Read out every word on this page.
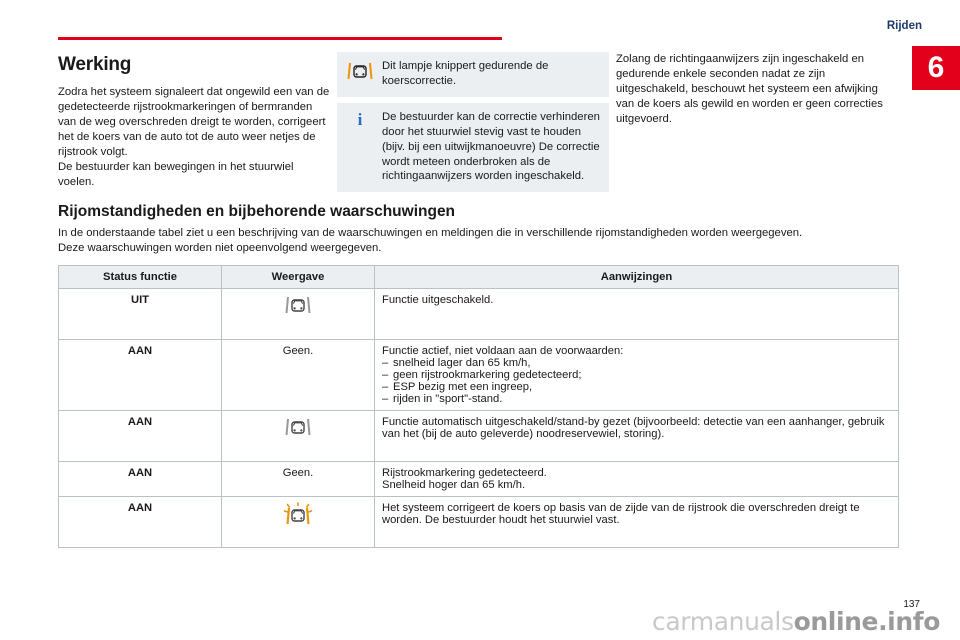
Rijden
6
Werking

Zodra het systeem signaleert dat ongewild een van de gedetecteerde rijstrookmarkeringen of bermranden van de weg overschreden dreigt te worden, corrigeert het de koers van de auto tot de auto weer netjes de rijstrook volgt.

De bestuurder kan bewegingen in het stuurwiel voelen.

Dit lampje knippert gedurende de koerscorrectie.
i De bestuurder kan de correctie verhinderen door het stuurwiel stevig vast te houden (bijv. bij een uitwijkmanoeuvre) De correctie wordt meteen onderbroken als de richtingaanwijzers worden ingeschakeld.

Zolang de richtingaanwijzers zijn ingeschakeld en gedurende enkele seconden nadat ze zijn uitgeschakeld, beschouwt het systeem een afwijking van de koers als gewild en worden er geen correcties uitgevoerd.

Rijomstandigheden en bijbehorende waarschuwingen

In de onderstaande tabel ziet u een beschrijving van de waarschuwingen en meldingen die in verschillende rijomstandigheden worden weergegeven.

Deze waarschuwingen worden niet opeenvolgend weergegeven.

Status functie	Weergave	Aanwijzingen
UIT		Functie uitgeschakeld.

AAN	Geen.	Functie actief, niet voldaan aan de voorwaarden:
– snelheid lager dan 65 km/h,
– geen rijstrookmarkering gedetecteerd;
– ESP bezig met een ingreep,
– rijden in "sport"-stand.

AAN		Functie automatisch uitgeschakeld/stand-by gezet (bijvoorbeeld: detectie van een aanhanger, gebruik van het (bij de auto geleverde) noodreservewiel, storing).

AAN	Geen.	Rijstrookmarkering gedetecteerd.
Snelheid hoger dan 65 km/h.

AAN		Het systeem corrigeert de koers op basis van de zijde van de rijstrook die overschreden dreigt te worden. De bestuurder houdt het stuurwiel vast.
137
carmanualsonline.info
